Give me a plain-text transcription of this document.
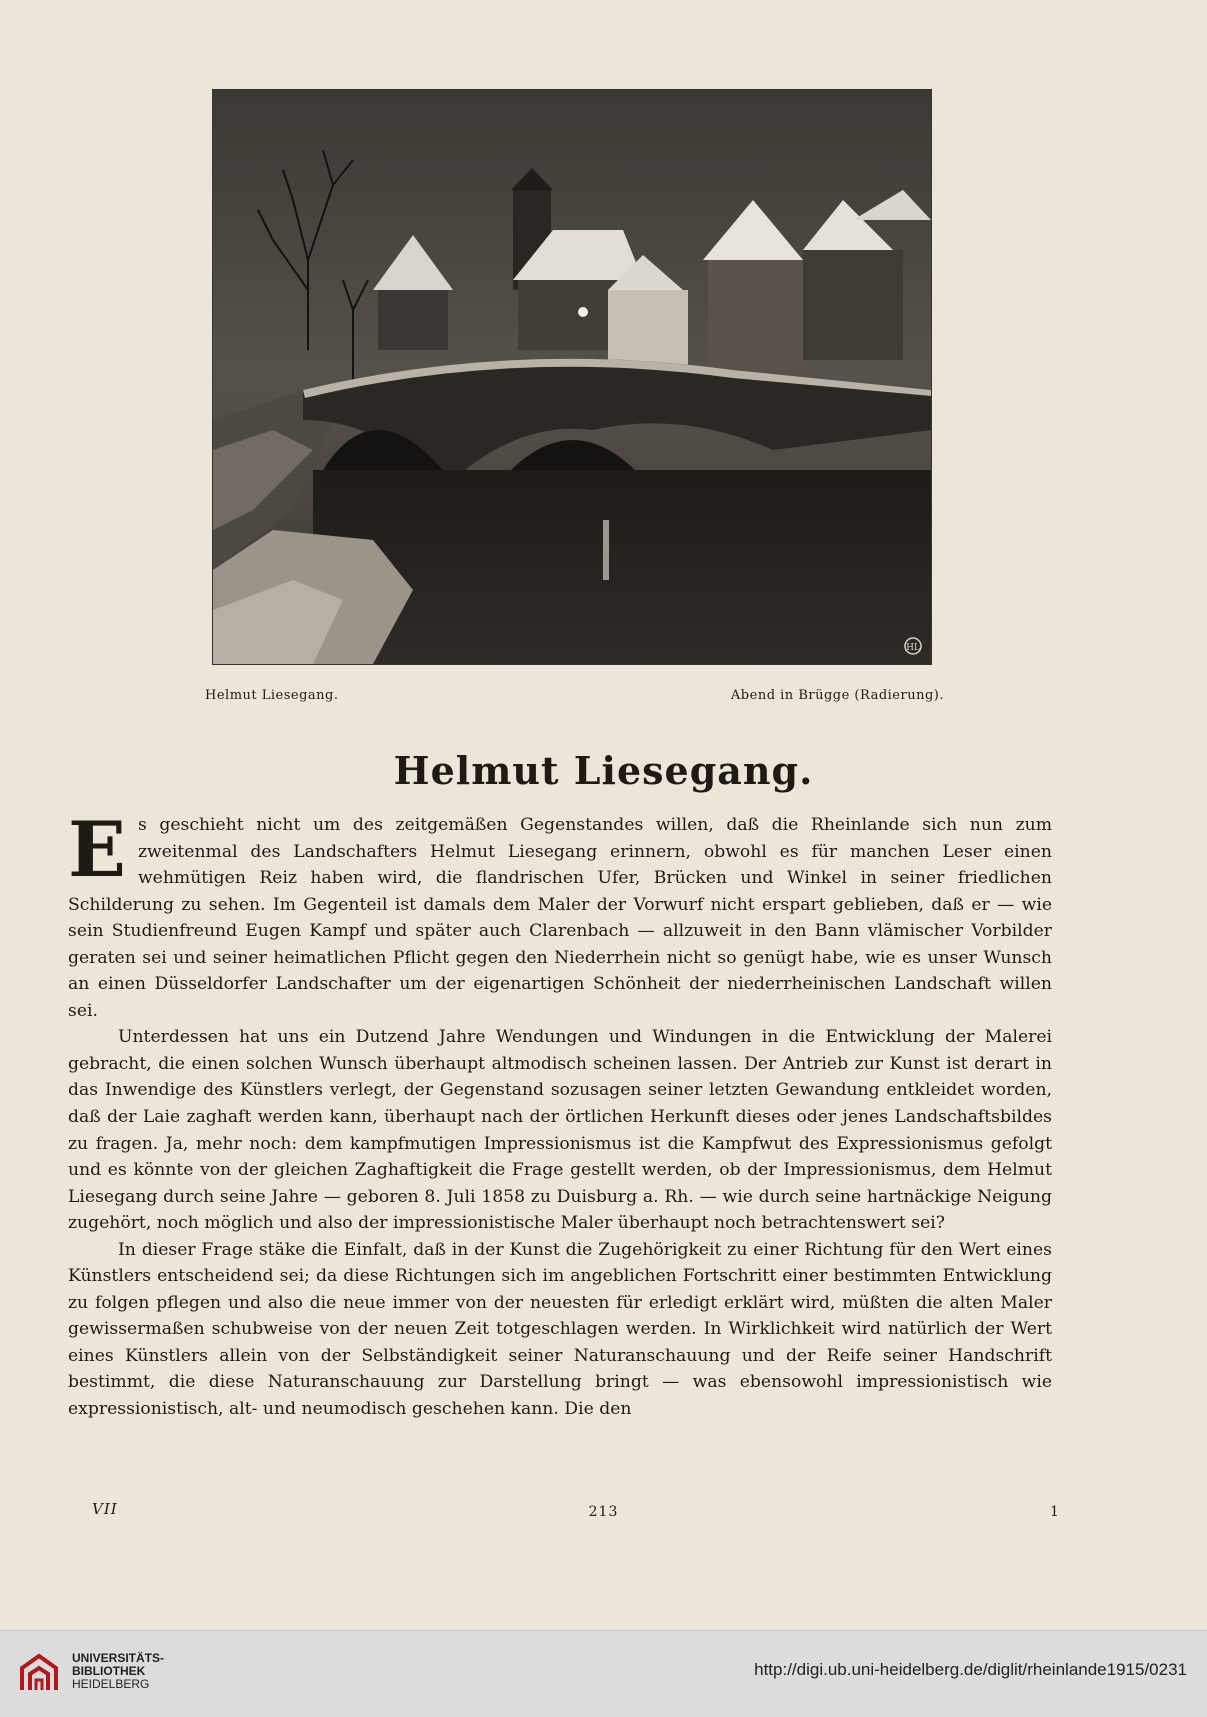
HL
Helmut Liesegang.	Abend in Brügge (Radierung).
Helmut Liesegang.

Es geschieht nicht um des zeitgemäßen Gegenstandes willen, daß die Rheinlande sich nun zum zweitenmal des Landschafters Helmut Liesegang erinnern, obwohl es für manchen Leser einen wehmütigen Reiz haben wird, die flandrischen Ufer, Brücken und Winkel in seiner friedlichen Schilderung zu sehen. Im Gegenteil ist damals dem Maler der Vorwurf nicht erspart geblieben, daß er — wie sein Studienfreund Eugen Kampf und später auch Clarenbach — allzuweit in den Bann vlämischer Vorbilder geraten sei und seiner heimatlichen Pflicht gegen den Niederrhein nicht so genügt habe, wie es unser Wunsch an einen Düsseldorfer Landschafter um der eigenartigen Schönheit der niederrheinischen Landschaft willen sei.

Unterdessen hat uns ein Dutzend Jahre Wendungen und Windungen in die Entwicklung der Malerei gebracht, die einen solchen Wunsch überhaupt altmodisch scheinen lassen. Der Antrieb zur Kunst ist derart in das Inwendige des Künstlers verlegt, der Gegenstand sozusagen seiner letzten Gewandung entkleidet worden, daß der Laie zaghaft werden kann, überhaupt nach der örtlichen Herkunft dieses oder jenes Landschaftsbildes zu fragen. Ja, mehr noch: dem kampfmutigen Impressionismus ist die Kampfwut des Expressionismus gefolgt und es könnte von der gleichen Zaghaftigkeit die Frage gestellt werden, ob der Impressionismus, dem Helmut Liesegang durch seine Jahre — geboren 8. Juli 1858 zu Duisburg a. Rh. — wie durch seine hartnäckige Neigung zugehört, noch möglich und also der impressionistische Maler überhaupt noch betrachtenswert sei?

In dieser Frage stäke die Einfalt, daß in der Kunst die Zugehörigkeit zu einer Richtung für den Wert eines Künstlers entscheidend sei; da diese Richtungen sich im angeblichen Fortschritt einer bestimmten Entwicklung zu folgen pflegen und also die neue immer von der neuesten für erledigt erklärt wird, müßten die alten Maler gewissermaßen schubweise von der neuen Zeit totgeschlagen werden. In Wirklichkeit wird natürlich der Wert eines Künstlers allein von der Selbständigkeit seiner Naturanschauung und der Reife seiner Handschrift bestimmt, die diese Naturanschauung zur Darstellung bringt — was ebensowohl impressionistisch wie expressionistisch, alt- und neumodisch geschehen kann. Die den

VII	213	1
UNIVERSITÄTS-
BIBLIOTHEK
HEIDELBERG
http://digi.ub.uni-heidelberg.de/diglit/rheinlande1915/0231
